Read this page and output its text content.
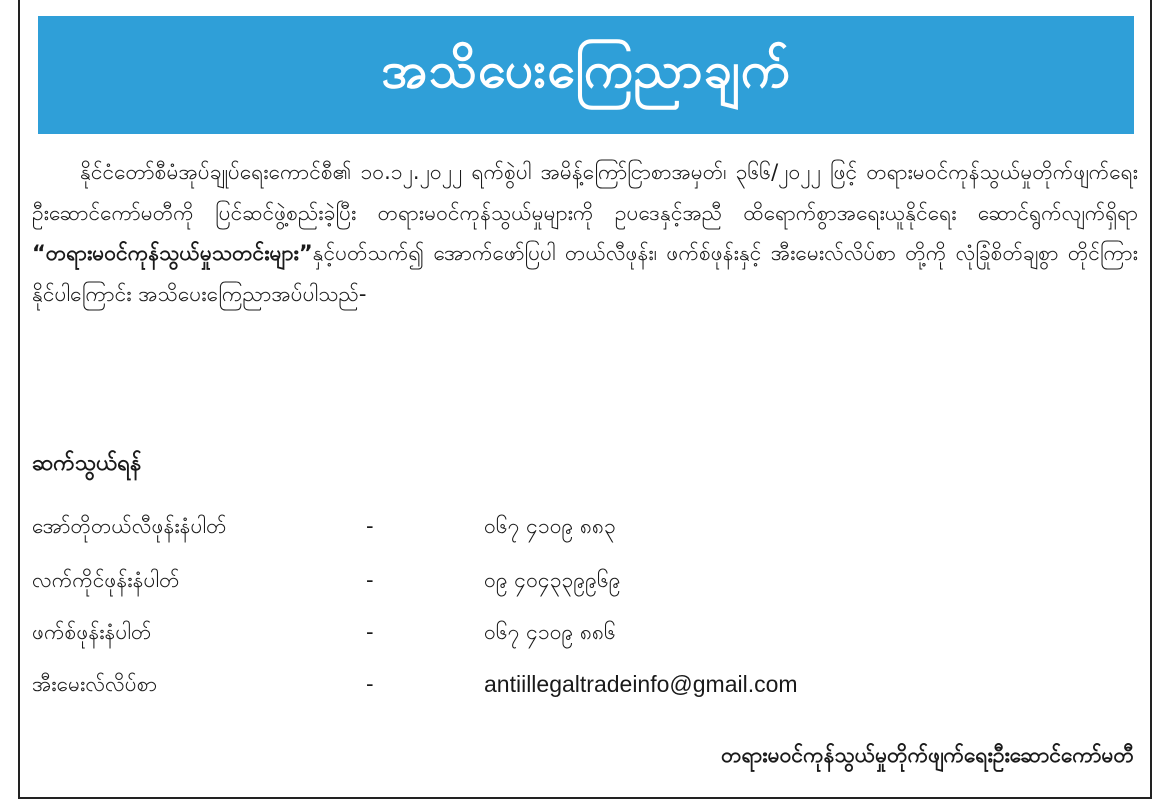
အသိပေးကြေညာချက်
နိုင်ငံတော်စီမံအုပ်ချုပ်ရေးကောင်စီ၏ ၁၀.၁၂.၂၀၂၂ ရက်စွဲပါ အမိန့်ကြော်ငြာစာအမှတ်၊ ၃၆၆/၂၀၂၂ ဖြင့် တရားမဝင်ကုန်သွယ်မှုတိုက်ဖျက်ရေးဦးဆောင်ကော်မတီကို ပြင်ဆင်ဖွဲ့စည်းခဲ့ပြီး တရားမဝင်ကုန်သွယ်မှုများကို ဥပဒေနှင့်အညီ ထိရောက်စွာအရေးယူနိုင်ရေး ဆောင်ရွက်လျက်ရှိရာ “တရားမဝင်ကုန်သွယ်မှုသတင်းများ”နှင့်ပတ်သက်၍ အောက်ဖော်ပြပါ တယ်လီဖုန်း၊ ဖက်စ်ဖုန်းနှင့် အီးမေးလ်လိပ်စာ တို့ကို လုံခြုံစိတ်ချစွာ တိုင်ကြားနိုင်ပါကြောင်း အသိပေးကြေညာအပ်ပါသည်-
ဆက်သွယ်ရန်
အော်တိုတယ်လီဖုန်းနံပါတ်	-	၀၆၇ ၄၁၀၉ ၈၈၃
လက်ကိုင်ဖုန်းနံပါတ်	-	၀၉ ၄၀၄၃၃၉၉၆၉
ဖက်စ်ဖုန်းနံပါတ်	-	၀၆၇ ၄၁၀၉ ၈၈၆
အီးမေးလ်လိပ်စာ	-	antiillegaltradeinfo@gmail.com
တရားမဝင်ကုန်သွယ်မှုတိုက်ဖျက်ရေးဦးဆောင်ကော်မတီ
